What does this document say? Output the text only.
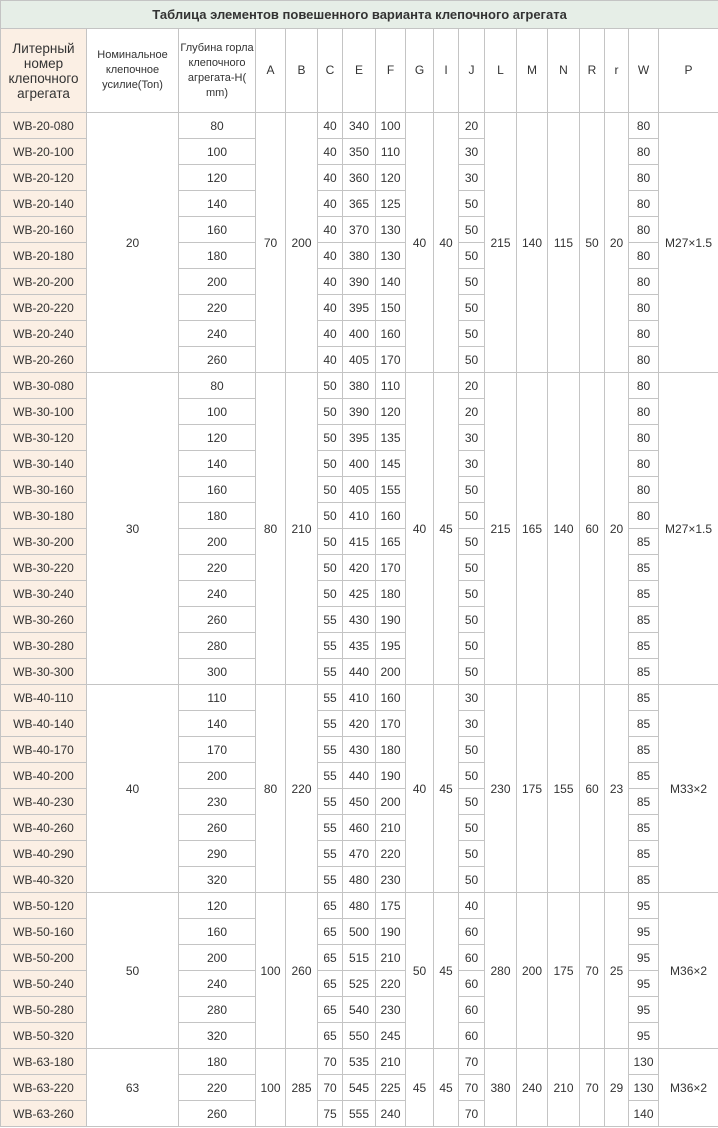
Таблица элементов повешенного варианта клепочного агрегата																	
Литерный номер клепочного агрегата	Номинальное клепочное усилие(Ton)	Глубина горла клепочного агрегата-H( mm)	A	B	C	E	F	G	I	J	L	M	N	R	r	W	P
WB-20-080	20	80	70	200	40	340	100	40	40	20	215	140	115	50	20	80	M27×1.5
WB-20-100		100			40	350	110			30						80	
WB-20-120		120			40	360	120			30						80	
WB-20-140		140			40	365	125			50						80	
WB-20-160		160			40	370	130			50						80	
WB-20-180		180			40	380	130			50						80	
WB-20-200		200			40	390	140			50						80	
WB-20-220		220			40	395	150			50						80	
WB-20-240		240			40	400	160			50						80	
WB-20-260		260			40	405	170			50						80	
WB-30-080	30	80	80	210	50	380	110	40	45	20	215	165	140	60	20	80	M27×1.5
WB-30-100		100			50	390	120			20						80	
WB-30-120		120			50	395	135			30						80	
WB-30-140		140			50	400	145			30						80	
WB-30-160		160			50	405	155			50						80	
WB-30-180		180			50	410	160			50						80	
WB-30-200		200			50	415	165			50						85	
WB-30-220		220			50	420	170			50						85	
WB-30-240		240			50	425	180			50						85	
WB-30-260		260			55	430	190			50						85	
WB-30-280		280			55	435	195			50						85	
WB-30-300		300			55	440	200			50						85	
WB-40-110	40	110	80	220	55	410	160	40	45	30	230	175	155	60	23	85	M33×2
WB-40-140		140			55	420	170			30						85	
WB-40-170		170			55	430	180			50						85	
WB-40-200		200			55	440	190			50						85	
WB-40-230		230			55	450	200			50						85	
WB-40-260		260			55	460	210			50						85	
WB-40-290		290			55	470	220			50						85	
WB-40-320		320			55	480	230			50						85	
WB-50-120	50	120	100	260	65	480	175	50	45	40	280	200	175	70	25	95	M36×2
WB-50-160		160			65	500	190			60						95	
WB-50-200		200			65	515	210			60						95	
WB-50-240		240			65	525	220			60						95	
WB-50-280		280			65	540	230			60						95	
WB-50-320		320			65	550	245			60						95	
WB-63-180	63	180	100	285	70	535	210	45	45	70	380	240	210	70	29	130	M36×2
WB-63-220		220			70	545	225			70						130	
WB-63-260		260			75	555	240			70						140	
